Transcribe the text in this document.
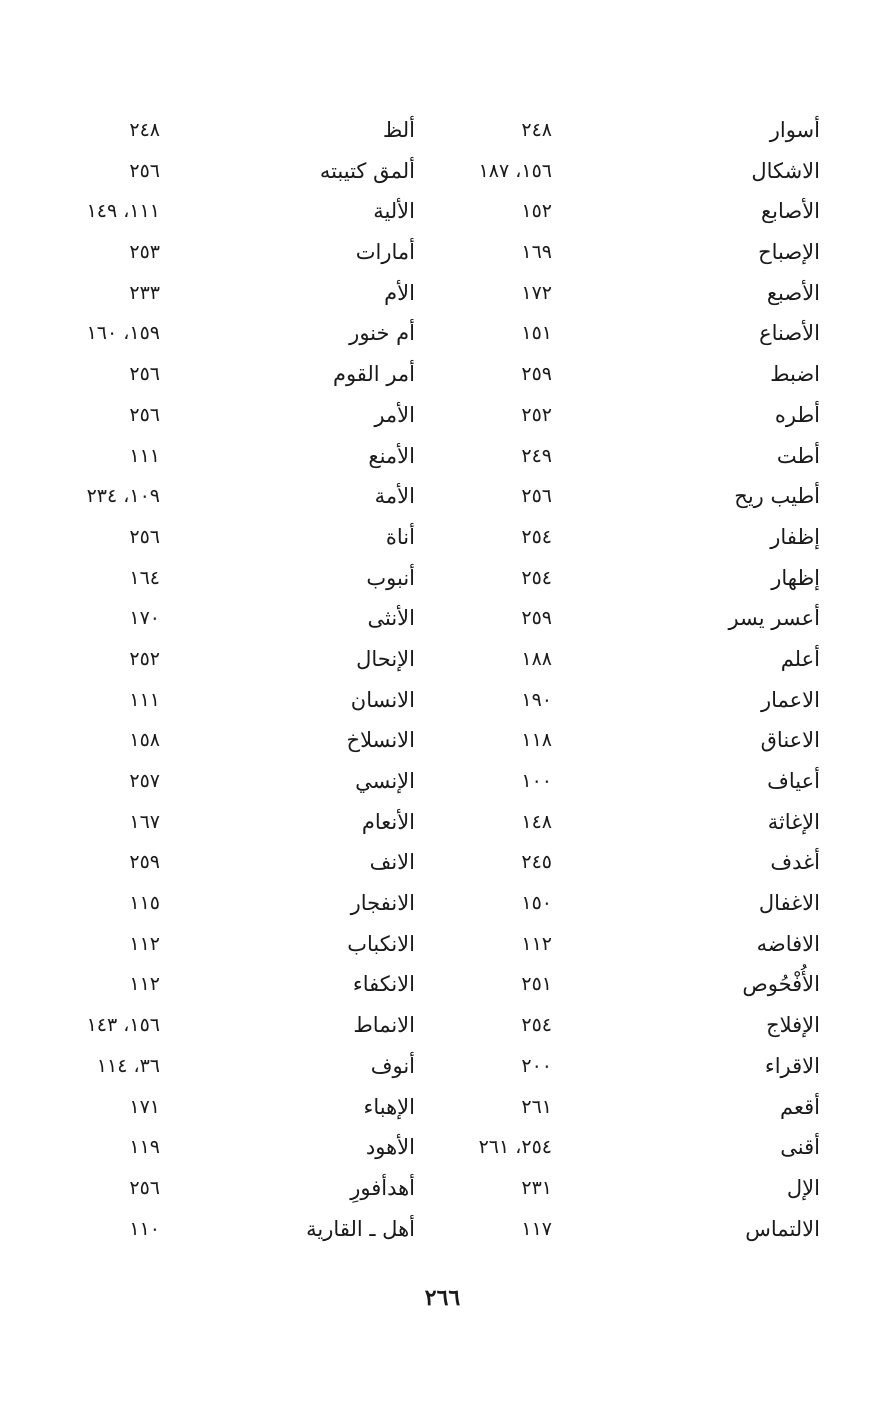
أسوار
٢٤٨
ألظ
٢٤٨
الاشكال
١٥٦، ١٨٧
ألمق كتيبته
٢٥٦
الأصابع
١٥٢
الألية
١١١، ١٤٩
الإصباح
١٦٩
أمارات
٢٥٣
الأصبع
١٧٢
الأم
٢٣٣
الأصناع
١٥١
أم خنور
١٥٩، ١٦٠
اضبط
٢٥٩
أمر القوم
٢٥٦
أطره
٢٥٢
الأمر
٢٥٦
أطت
٢٤٩
الأمنع
١١١
أطيب ريح
٢٥٦
الأمة
١٠٩، ٢٣٤
إظفار
٢٥٤
أناة
٢٥٦
إظهار
٢٥٤
أنبوب
١٦٤
أعسر يسر
٢٥٩
الأنثى
١٧٠
أعلم
١٨٨
الإنحال
٢٥٢
الاعمار
١٩٠
الانسان
١١١
الاعناق
١١٨
الانسلاخ
١٥٨
أعياف
١٠٠
الإنسي
٢٥٧
الإغاثة
١٤٨
الأنعام
١٦٧
أغدف
٢٤٥
الانف
٢٥٩
الاغفال
١٥٠
الانفجار
١١٥
الافاضه
١١٢
الانكباب
١١٢
الأُفْحُوص
٢٥١
الانكفاء
١١٢
الإفلاج
٢٥٤
الانماط
١٥٦، ١٤٣
الاقراء
٢٠٠
أنوف
٣٦، ١١٤
أقعم
٢٦١
الإهباء
١٧١
أقنى
٢٥٤، ٢٦١
الأهود
١١٩
الإل
٢٣١
أهدأفورِ
٢٥٦
الالتماس
١١٧
أهل ـ القارية
١١٠
٢٦٦
